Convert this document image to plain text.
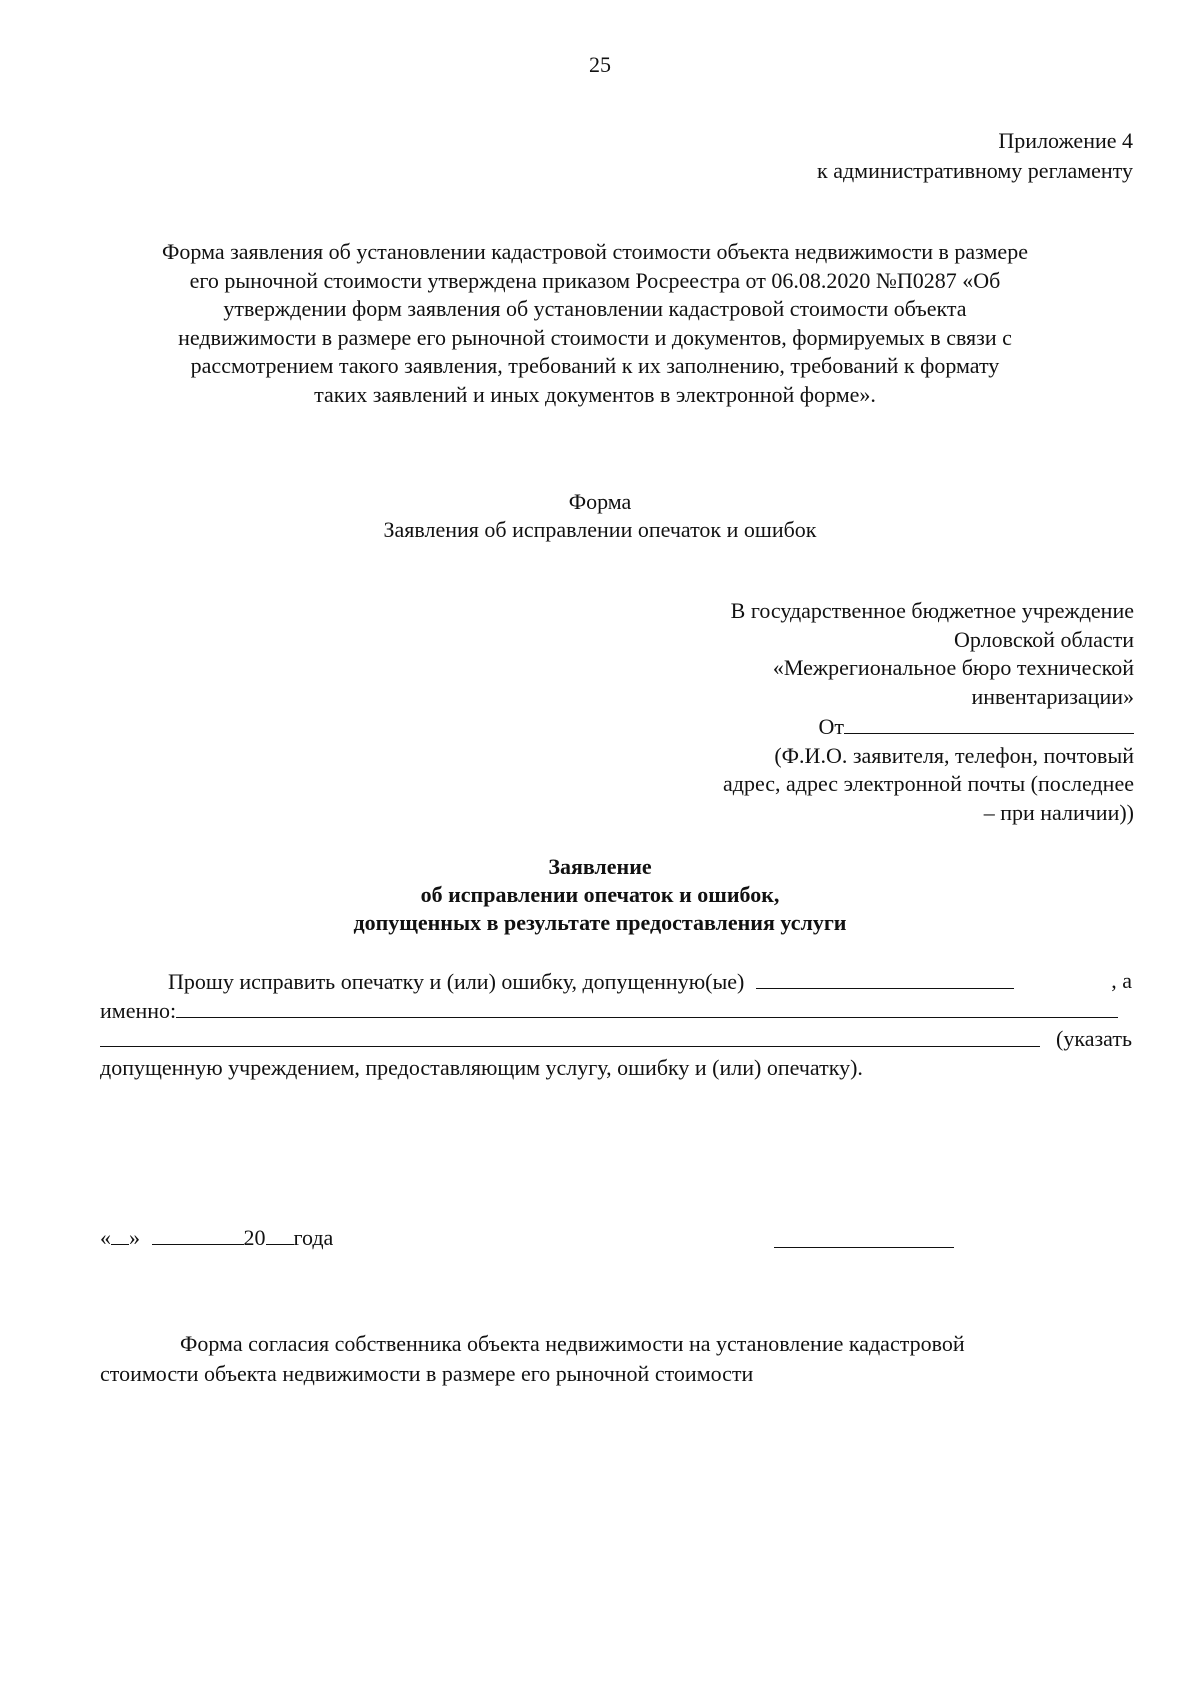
25
Приложение 4
к административному регламенту
Форма заявления об установлении кадастровой стоимости объекта недвижимости в размере
его рыночной стоимости утверждена приказом Росреестра от 06.08.2020 №П0287 «Об
утверждении форм заявления об установлении кадастровой стоимости объекта
недвижимости в размере его рыночной стоимости и документов, формируемых в связи с
рассмотрением такого заявления, требований к их заполнению, требований к формату
таких заявлений и иных документов в электронной форме».
Форма
Заявления об исправлении опечаток и ошибок
В государственное бюджетное учреждение
Орловской области
«Межрегиональное бюро технической
инвентаризации»
От
(Ф.И.О. заявителя, телефон, почтовый
адрес, адрес электронной почты (последнее
– при наличии))
Заявление
об исправлении опечаток и ошибок,
допущенных в результате предоставления услуги
Прошу исправить опечатку и (или) ошибку, допущенную(ые)	, а
именно:
(указать
допущенную учреждением, предоставляющим услугу, ошибку и (или) опечатку).
« »	20 года
Форма согласия собственника объекта недвижимости на установление кадастровой
стоимости объекта недвижимости в размере его рыночной стоимости
